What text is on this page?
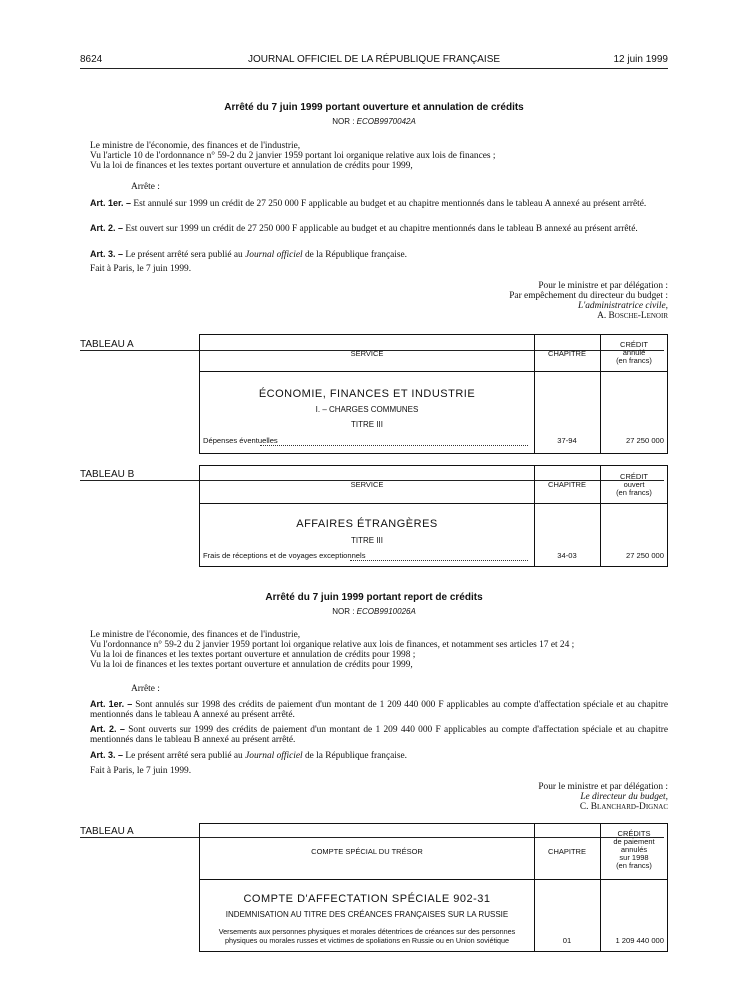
8624	JOURNAL OFFICIEL DE LA RÉPUBLIQUE FRANÇAISE	12 juin 1999
Arrêté du 7 juin 1999 portant ouverture et annulation de crédits
NOR : ECOB9970042A
Le ministre de l'économie, des finances et de l'industrie,
Vu l'article 10 de l'ordonnance n° 59-2 du 2 janvier 1959 portant loi organique relative aux lois de finances ;
Vu la loi de finances et les textes portant ouverture et annulation de crédits pour 1999,
Arrête :
Art. 1er. – Est annulé sur 1999 un crédit de 27 250 000 F applicable au budget et au chapitre mentionnés dans le tableau A annexé au présent arrêté.
Art. 2. – Est ouvert sur 1999 un crédit de 27 250 000 F applicable au budget et au chapitre mentionnés dans le tableau B annexé au présent arrêté.
Art. 3. – Le présent arrêté sera publié au Journal officiel de la République française.
Fait à Paris, le 7 juin 1999.
Pour le ministre et par délégation :
Par empêchement du directeur du budget :
L'administratrice civile,
A. Bosche-Lenoir
TABLEAU A
SERVICE	CHAPITRE
CRÉDIT
annulé
(en francs)
ÉCONOMIE, FINANCES ET INDUSTRIE
I. – CHARGES COMMUNES
TITRE III
Dépenses éventuelles	37-94	27 250 000
TABLEAU B
SERVICE	CHAPITRE
CRÉDIT
ouvert
(en francs)
AFFAIRES ÉTRANGÈRES
TITRE III
Frais de réceptions et de voyages exceptionnels	34-03	27 250 000
Arrêté du 7 juin 1999 portant report de crédits
NOR : ECOB9910026A
Le ministre de l'économie, des finances et de l'industrie,
Vu l'ordonnance n° 59-2 du 2 janvier 1959 portant loi organique relative aux lois de finances, et notamment ses articles 17 et 24 ;
Vu la loi de finances et les textes portant ouverture et annulation de crédits pour 1998 ;
Vu la loi de finances et les textes portant ouverture et annulation de crédits pour 1999,
Arrête :
Art. 1er. – Sont annulés sur 1998 des crédits de paiement d'un montant de 1 209 440 000 F applicables au compte d'affectation spéciale et au chapitre mentionnés dans le tableau A annexé au présent arrêté.
Art. 2. – Sont ouverts sur 1999 des crédits de paiement d'un montant de 1 209 440 000 F applicables au compte d'affectation spéciale et au chapitre mentionnés dans le tableau B annexé au présent arrêté.
Art. 3. – Le présent arrêté sera publié au Journal officiel de la République française.
Fait à Paris, le 7 juin 1999.
Pour le ministre et par délégation :
Le directeur du budget,
C. Blanchard-Dignac
TABLEAU A
COMPTE SPÉCIAL DU TRÉSOR	CHAPITRE
CRÉDITS
de paiement
annulés
sur 1998
(en francs)
COMPTE D'AFFECTATION SPÉCIALE 902-31
INDEMNISATION AU TITRE DES CRÉANCES FRANÇAISES SUR LA RUSSIE
Versements aux personnes physiques et morales détentrices de créances sur des personnes
physiques ou morales russes et victimes de spoliations en Russie ou en Union soviétique	01	1 209 440 000
